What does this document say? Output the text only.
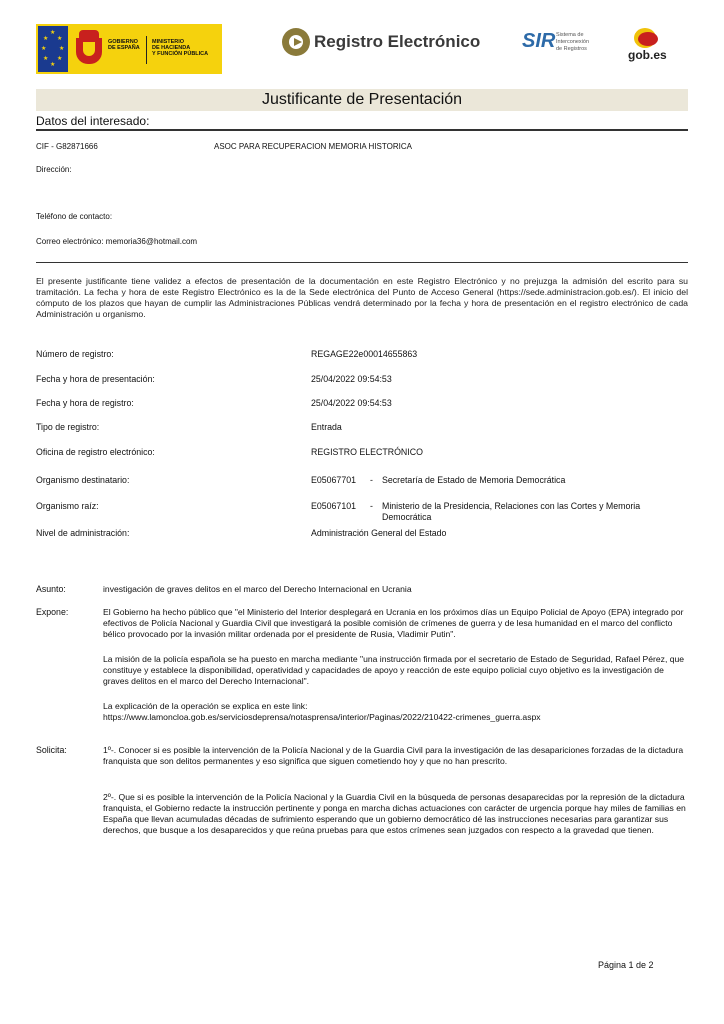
★
★ ★
★ ★
★ ★
★
GOBIERNO
DE ESPAÑA
MINISTERIO
DE HACIENDA
Y FUNCIÓN PÚBLICA
Registro Electrónico SIR Sistema de
Interconexión
de Registros	gob.es
Justificante de Presentación
Datos del interesado:
CIF - G82871666	ASOC PARA RECUPERACION MEMORIA HISTORICA
Dirección:
Teléfono de contacto:
Correo electrónico: memoria36@hotmail.com
El presente justificante tiene validez a efectos de presentación de la documentación en este Registro Electrónico y no prejuzga la admisión del escrito para su tramitación. La fecha y hora de este Registro Electrónico es la de la Sede electrónica del Punto de Acceso General (https://sede.administracion.gob.es/). El inicio del cómputo de los plazos que hayan de cumplir las Administraciones Públicas vendrá determinado por la fecha y hora de presentación en el registro electrónico de cada Administración u organismo.
Número de registro:	REGAGE22e00014655863
Fecha y hora de presentación:	25/04/2022 09:54:53
Fecha y hora de registro:	25/04/2022 09:54:53
Tipo de registro:	Entrada
Oficina de registro electrónico:	REGISTRO ELECTRÓNICO
Organismo destinatario:	E05067701 - Secretaría de Estado de Memoria Democrática
Organismo raíz:	E05067101 - Ministerio de la Presidencia, Relaciones con las Cortes y Memoria Democrática
Nivel de administración:	Administración General del Estado
Asunto:	investigación de graves delitos en el marco del Derecho Internacional en Ucrania
Expone:	El Gobierno ha hecho público que "el Ministerio del Interior desplegará en Ucrania en los próximos días un Equipo Policial de Apoyo (EPA) integrado por efectivos de Policía Nacional y Guardia Civil que investigará la posible comisión de crímenes de guerra y de lesa humanidad en el marco del conflicto bélico provocado por la invasión militar ordenada por el presidente de Rusia, Vladimir Putin".
La misión de la policía española se ha puesto en marcha mediante "una instrucción firmada por el secretario de Estado de Seguridad, Rafael Pérez, que constituye y establece la disponibilidad, operatividad y capacidades de apoyo y reacción de este equipo policial cuyo objetivo es la investigación de graves delitos en el marco del Derecho Internacional".
La explicación de la operación se explica en este link:
https://www.lamoncloa.gob.es/serviciosdeprensa/notasprensa/interior/Paginas/2022/210422-crimenes_guerra.aspx
Solicita:	1º-. Conocer si es posible la intervención de la Policía Nacional y de la Guardia Civil para la investigación de las desapariciones forzadas de la dictadura franquista que son delitos permanentes y eso significa que siguen cometiendo hoy y que no han prescrito.
2º-. Que si es posible la intervención de la Policía Nacional y la Guardia Civil en la búsqueda de personas desaparecidas por la represión de la dictadura franquista, el Gobierno redacte la instrucción pertinente y ponga en marcha dichas actuaciones con carácter de urgencia porque hay miles de familias en España que llevan acumuladas décadas de sufrimiento esperando que un gobierno democrático dé las instrucciones necesarias para garantizar sus derechos, que busque a los desaparecidos y que reúna pruebas para que estos crímenes sean juzgados con respecto a la gravedad que tienen.
Página 1 de 2
